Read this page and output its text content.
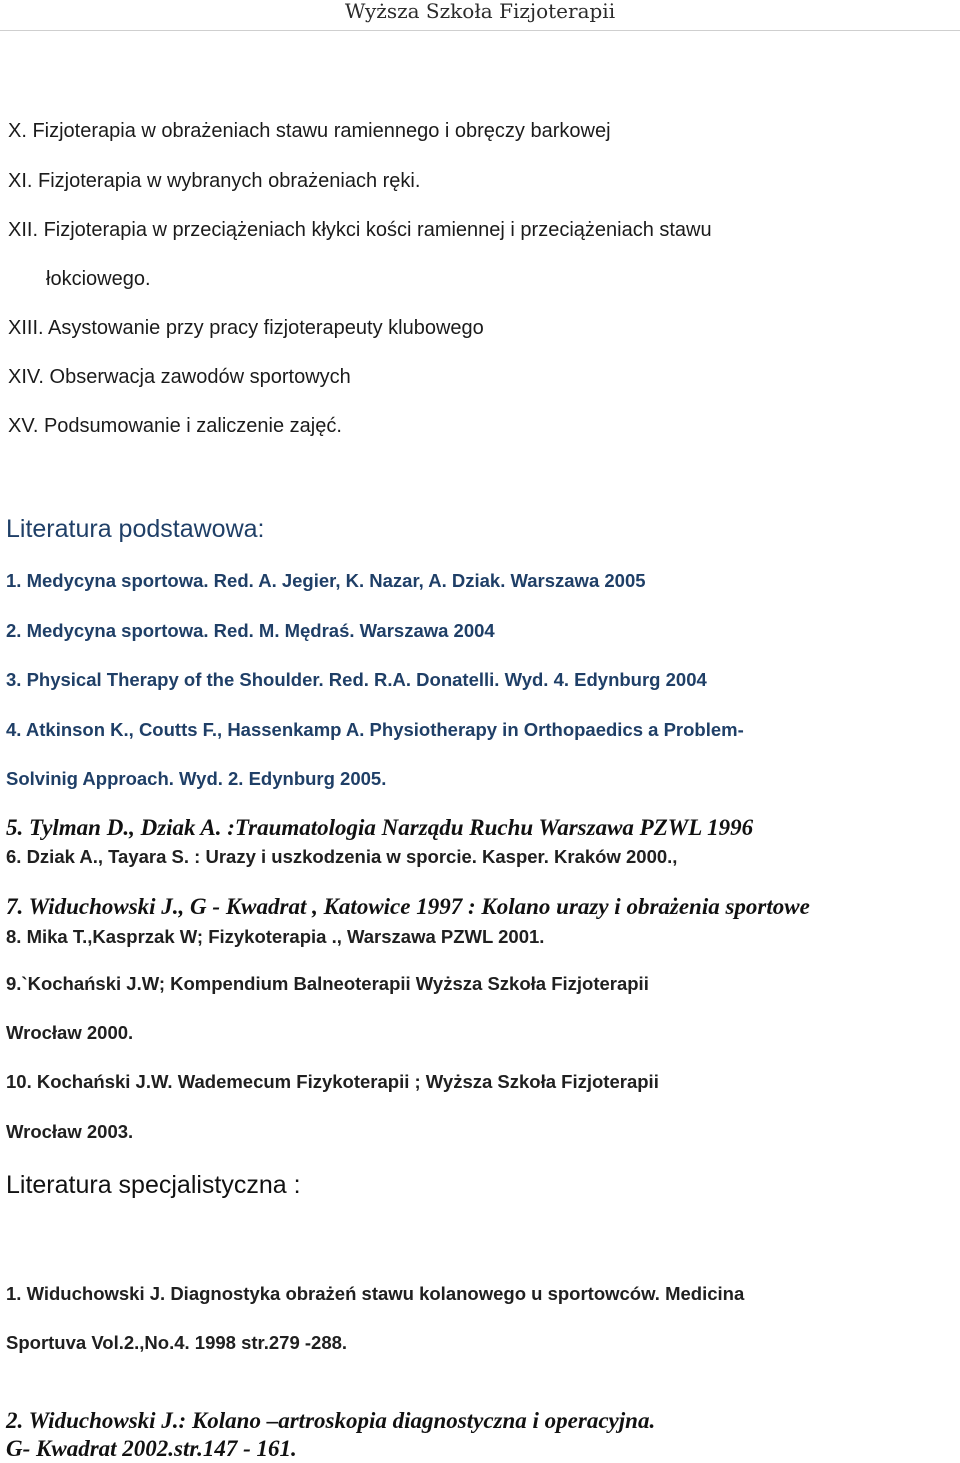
Wyższa Szkoła Fizjoterapii
X. Fizjoterapia w obrażeniach stawu ramiennego i obręczy barkowej
XI. Fizjoterapia w wybranych obrażeniach ręki.
XII. Fizjoterapia w przeciążeniach kłykci kości ramiennej i przeciążeniach stawu
łokciowego.
XIII. Asystowanie przy pracy fizjoterapeuty klubowego
XIV. Obserwacja zawodów sportowych
XV. Podsumowanie i zaliczenie zajęć.
Literatura podstawowa:
1. Medycyna sportowa. Red. A. Jegier, K. Nazar, A. Dziak. Warszawa 2005
2. Medycyna sportowa. Red. M. Mędraś. Warszawa 2004
3. Physical Therapy of the Shoulder. Red. R.A. Donatelli. Wyd. 4. Edynburg 2004
4. Atkinson K., Coutts F., Hassenkamp A. Physiotherapy in Orthopaedics a Problem-
Solvinig Approach. Wyd. 2. Edynburg 2005.
5. Tylman D., Dziak A. :Traumatologia Narządu Ruchu Warszawa PZWL 1996
6. Dziak A., Tayara S. : Urazy i uszkodzenia w sporcie. Kasper. Kraków 2000.,
7. Widuchowski J., G - Kwadrat , Katowice 1997 : Kolano urazy i obrażenia sportowe
8. Mika T.,Kasprzak W; Fizykoterapia ., Warszawa PZWL 2001.
9.`Kochański J.W; Kompendium Balneoterapii Wyższa Szkoła Fizjoterapii
Wrocław 2000.
10. Kochański J.W. Wademecum Fizykoterapii ; Wyższa Szkoła Fizjoterapii
Wrocław 2003.
Literatura specjalistyczna :
1. Widuchowski J. Diagnostyka obrażeń stawu kolanowego u sportowców. Medicina
Sportuva Vol.2.,No.4. 1998 str.279 -288.
2. Widuchowski J.: Kolano –artroskopia diagnostyczna i operacyjna.
G- Kwadrat 2002.str.147 - 161.
